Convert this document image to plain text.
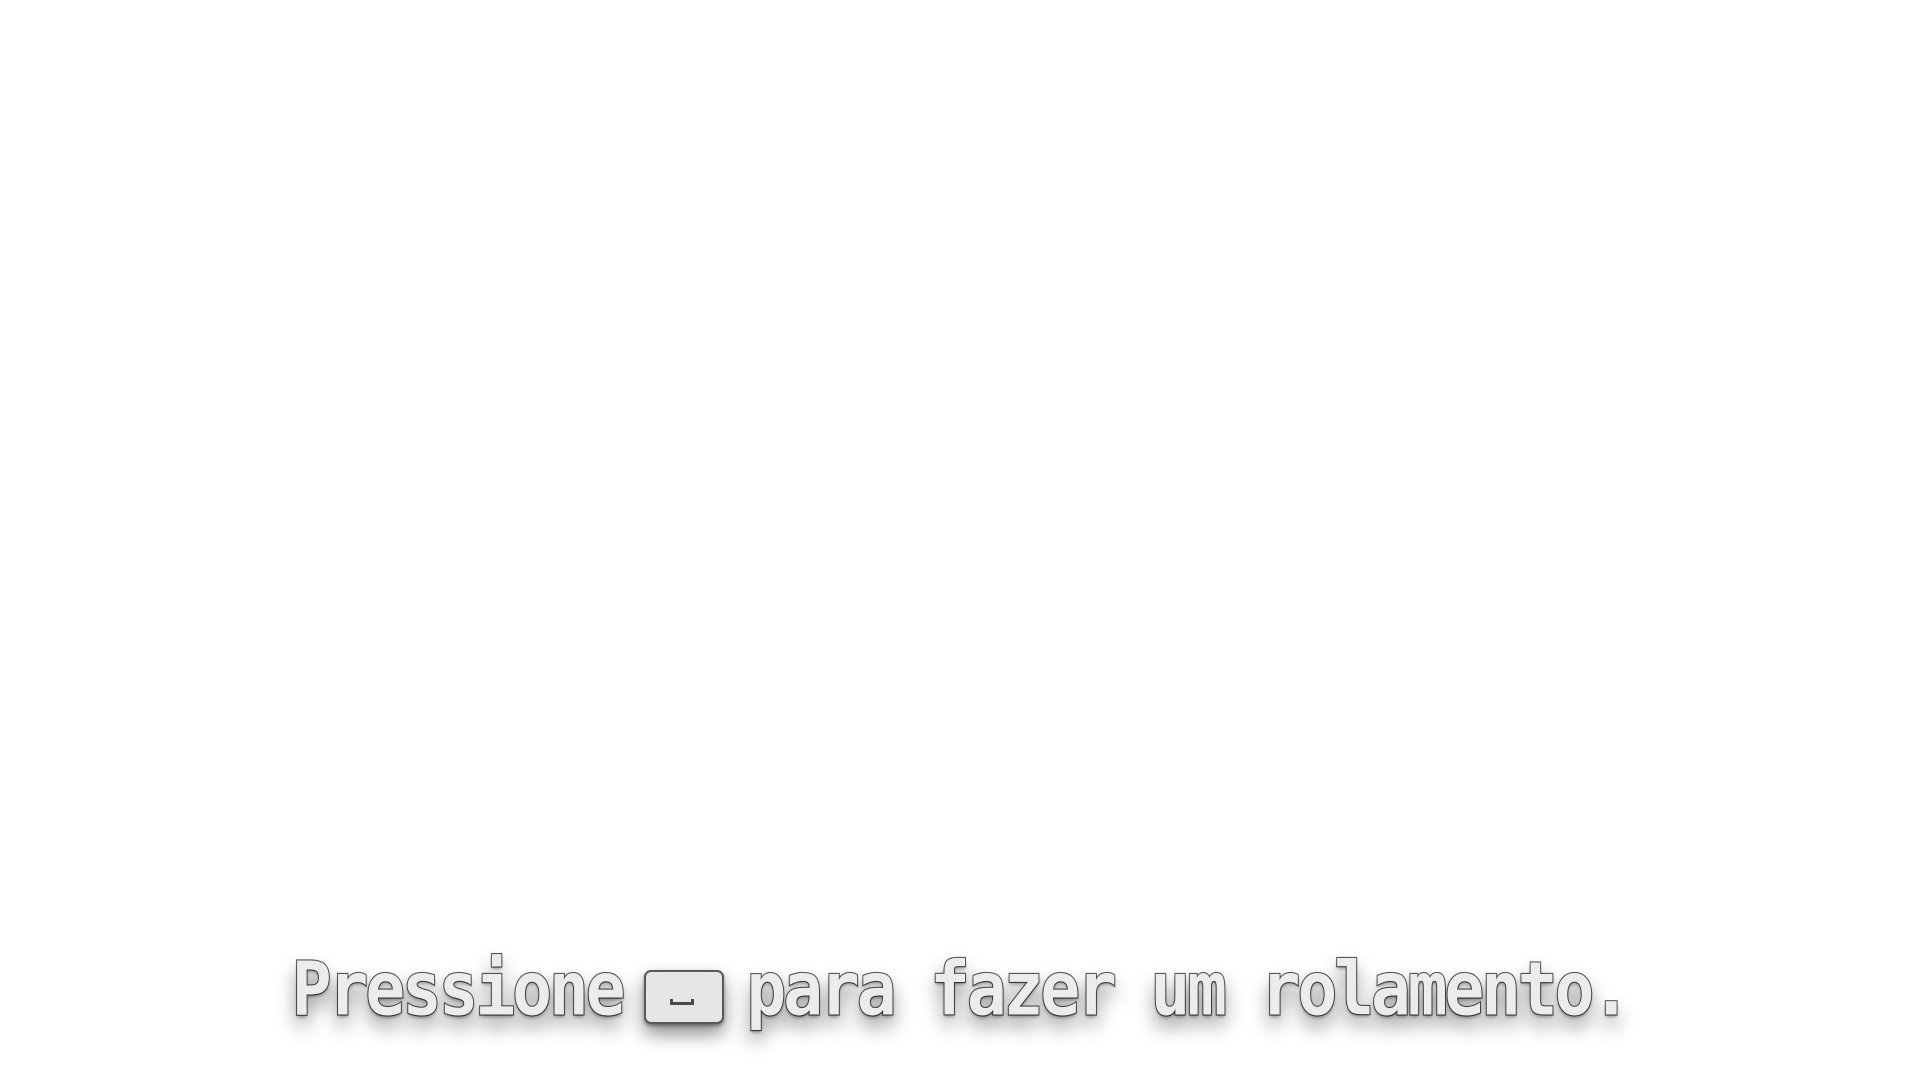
Pressione para fazer um rolamento.
